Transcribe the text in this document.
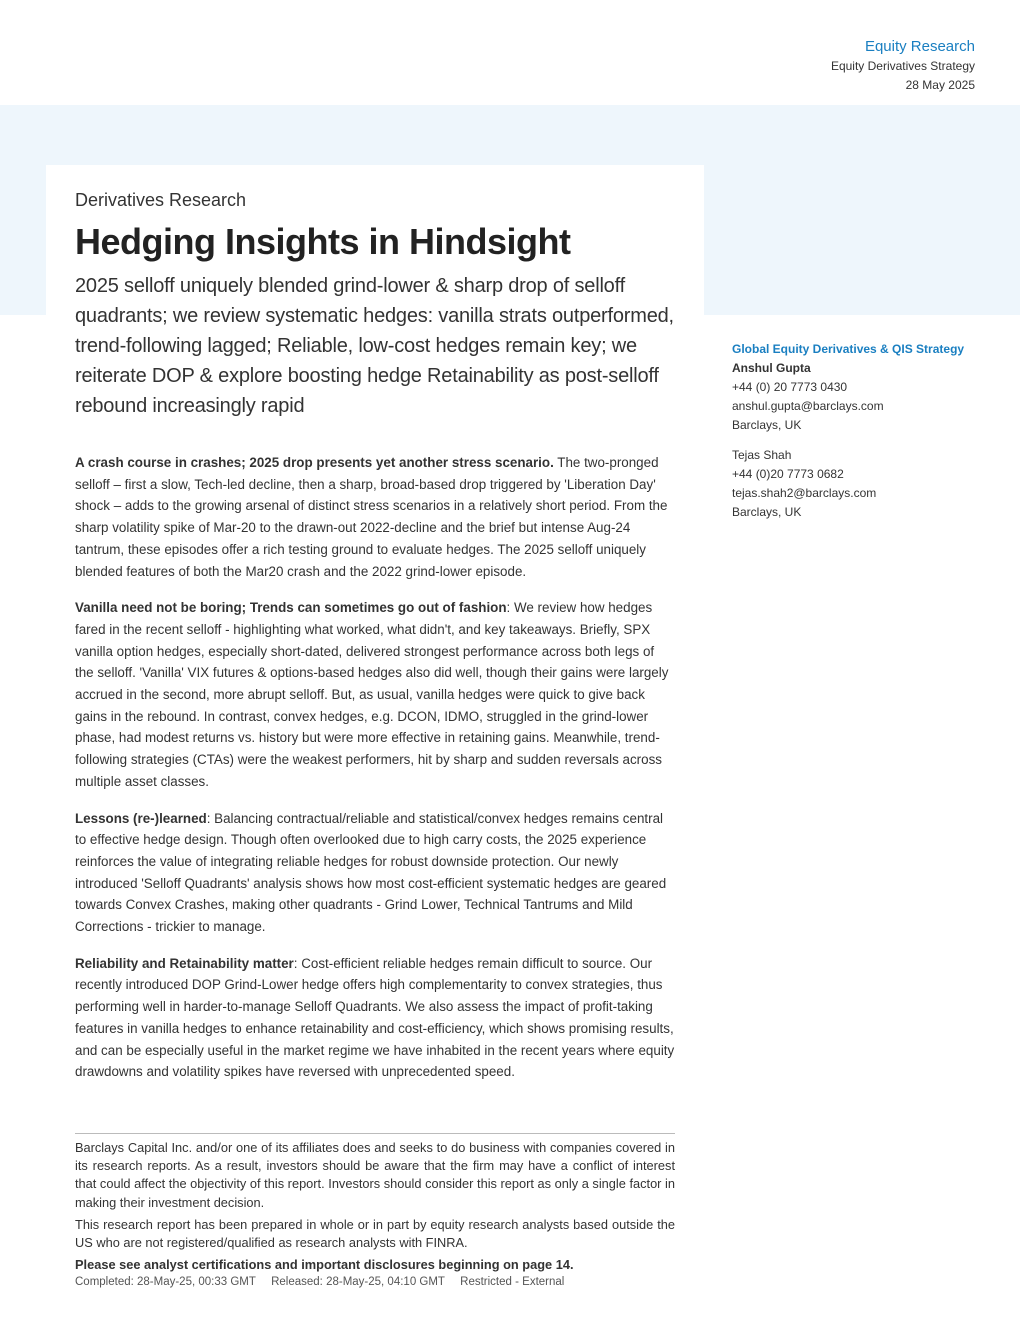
Equity Research
Equity Derivatives Strategy
28 May 2025
Derivatives Research
Hedging Insights in Hindsight
2025 selloff uniquely blended grind-lower & sharp drop of selloff quadrants; we review systematic hedges: vanilla strats outperformed, trend-following lagged; Reliable, low-cost hedges remain key; we reiterate DOP & explore boosting hedge Retainability as post-selloff rebound increasingly rapid
Global Equity Derivatives & QIS Strategy
Anshul Gupta
+44 (0) 20 7773 0430
anshul.gupta@barclays.com
Barclays, UK
Tejas Shah
+44 (0)20 7773 0682
tejas.shah2@barclays.com
Barclays, UK

A crash course in crashes; 2025 drop presents yet another stress scenario. The two-pronged selloff – first a slow, Tech-led decline, then a sharp, broad-based drop triggered by 'Liberation Day' shock – adds to the growing arsenal of distinct stress scenarios in a relatively short period. From the sharp volatility spike of Mar-20 to the drawn-out 2022-decline and the brief but intense Aug-24 tantrum, these episodes offer a rich testing ground to evaluate hedges. The 2025 selloff uniquely blended features of both the Mar20 crash and the 2022 grind-lower episode.

Vanilla need not be boring; Trends can sometimes go out of fashion: We review how hedges fared in the recent selloff - highlighting what worked, what didn't, and key takeaways. Briefly, SPX vanilla option hedges, especially short-dated, delivered strongest performance across both legs of the selloff. 'Vanilla' VIX futures & options-based hedges also did well, though their gains were largely accrued in the second, more abrupt selloff. But, as usual, vanilla hedges were quick to give back gains in the rebound. In contrast, convex hedges, e.g. DCON, IDMO, struggled in the grind-lower phase, had modest returns vs. history but were more effective in retaining gains. Meanwhile, trend-following strategies (CTAs) were the weakest performers, hit by sharp and sudden reversals across multiple asset classes.

Lessons (re-)learned: Balancing contractual/reliable and statistical/convex hedges remains central to effective hedge design. Though often overlooked due to high carry costs, the 2025 experience reinforces the value of integrating reliable hedges for robust downside protection. Our newly introduced 'Selloff Quadrants' analysis shows how most cost-efficient systematic hedges are geared towards Convex Crashes, making other quadrants - Grind Lower, Technical Tantrums and Mild Corrections - trickier to manage.

Reliability and Retainability matter: Cost-efficient reliable hedges remain difficult to source. Our recently introduced DOP Grind-Lower hedge offers high complementarity to convex strategies, thus performing well in harder-to-manage Selloff Quadrants. We also assess the impact of profit-taking features in vanilla hedges to enhance retainability and cost-efficiency, which shows promising results, and can be especially useful in the market regime we have inhabited in the recent years where equity drawdowns and volatility spikes have reversed with unprecedented speed.

Barclays Capital Inc. and/or one of its affiliates does and seeks to do business with companies covered in its research reports. As a result, investors should be aware that the firm may have a conflict of interest that could affect the objectivity of this report. Investors should consider this report as only a single factor in making their investment decision.

This research report has been prepared in whole or in part by equity research analysts based outside the US who are not registered/qualified as research analysts with FINRA.

Please see analyst certifications and important disclosures beginning on page 14.
Completed: 28-May-25, 00:33 GMT Released: 28-May-25, 04:10 GMT Restricted - External
